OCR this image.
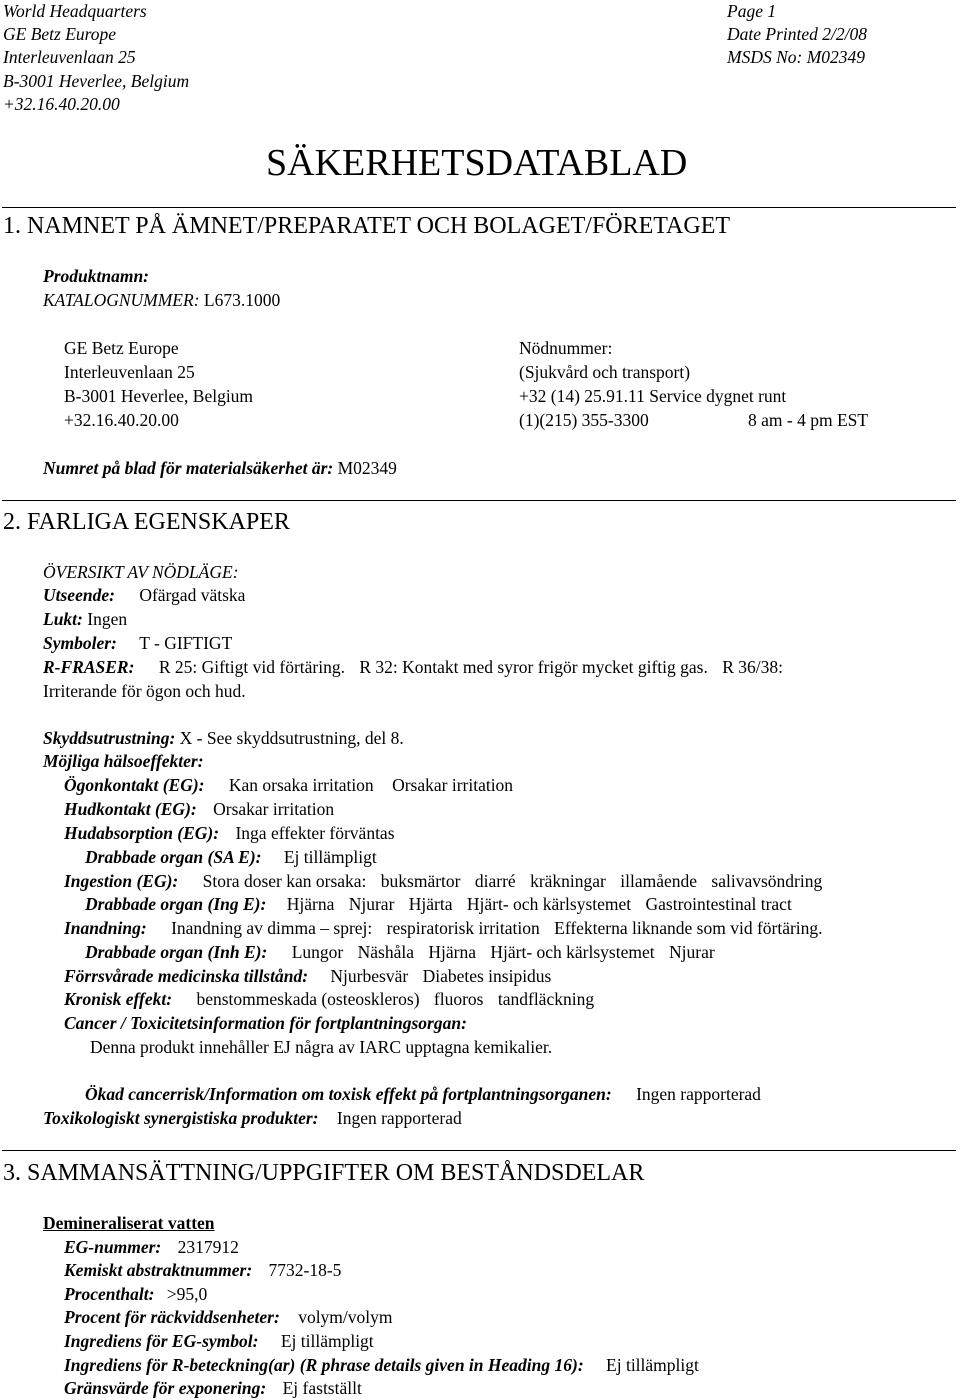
World Headquarters
GE Betz Europe
Interleuvenlaan 25
B-3001 Heverlee, Belgium
+32.16.40.20.00
Page 1
Date Printed 2/2/08
MSDS No: M02349
SÄKERHETSDATABLAD
1. NAMNET PÅ ÄMNET/PREPARATET OCH BOLAGET/FÖRETAGET
Produktnamn:
KATALOGNUMMER: L673.1000
GE Betz Europe
Interleuvenlaan 25
B-3001 Heverlee, Belgium
+32.16.40.20.00
Nödnummer:
(Sjukvård och transport)
+32 (14) 25.91.11 Service dygnet runt
(1)(215) 355-3300	8 am - 4 pm EST
Numret på blad för materialsäkerhet är: M02349
2. FARLIGA EGENSKAPER
ÖVERSIKT AV NÖDLÄGE:
Utseende: Ofärgad vätska
Lukt: Ingen
Symboler: T - GIFTIGT
R-FRASER: R 25: Giftigt vid förtäring. R 32: Kontakt med syror frigör mycket giftig gas. R 36/38:
Irriterande för ögon och hud.
Skyddsutrustning: X - See skyddsutrustning, del 8.
Möjliga hälsoeffekter:
Ögonkontakt (EG): Kan orsaka irritation Orsakar irritation
Hudkontakt (EG): Orsakar irritation
Hudabsorption (EG): Inga effekter förväntas
Drabbade organ (SA E): Ej tillämpligt
Ingestion (EG): Stora doser kan orsaka: buksmärtor diarré kräkningar illamående salivavsöndring
Drabbade organ (Ing E): Hjärna Njurar Hjärta Hjärt- och kärlsystemet Gastrointestinal tract
Inandning: Inandning av dimma – sprej: respiratorisk irritation Effekterna liknande som vid förtäring.
Drabbade organ (Inh E): Lungor Näshåla Hjärna Hjärt- och kärlsystemet Njurar
Förrsvårade medicinska tillstånd: Njurbesvär Diabetes insipidus
Kronisk effekt: benstommeskada (osteoskleros) fluoros tandfläckning
Cancer / Toxicitetsinformation för fortplantningsorgan:
Denna produkt innehåller EJ några av IARC upptagna kemikalier.
Ökad cancerrisk/Information om toxisk effekt på fortplantningsorganen: Ingen rapporterad
Toxikologiskt synergistiska produkter: Ingen rapporterad
3. SAMMANSÄTTNING/UPPGIFTER OM BESTÅNDSDELAR
Demineraliserat vatten
EG-nummer: 2317912
Kemiskt abstraktnummer: 7732-18-5
Procenthalt: >95,0
Procent för räckviddsenheter: volym/volym
Ingrediens för EG-symbol: Ej tillämpligt
Ingrediens för R-beteckning(ar) (R phrase details given in Heading 16): Ej tillämpligt
Gränsvärde för exponering: Ej fastställt
